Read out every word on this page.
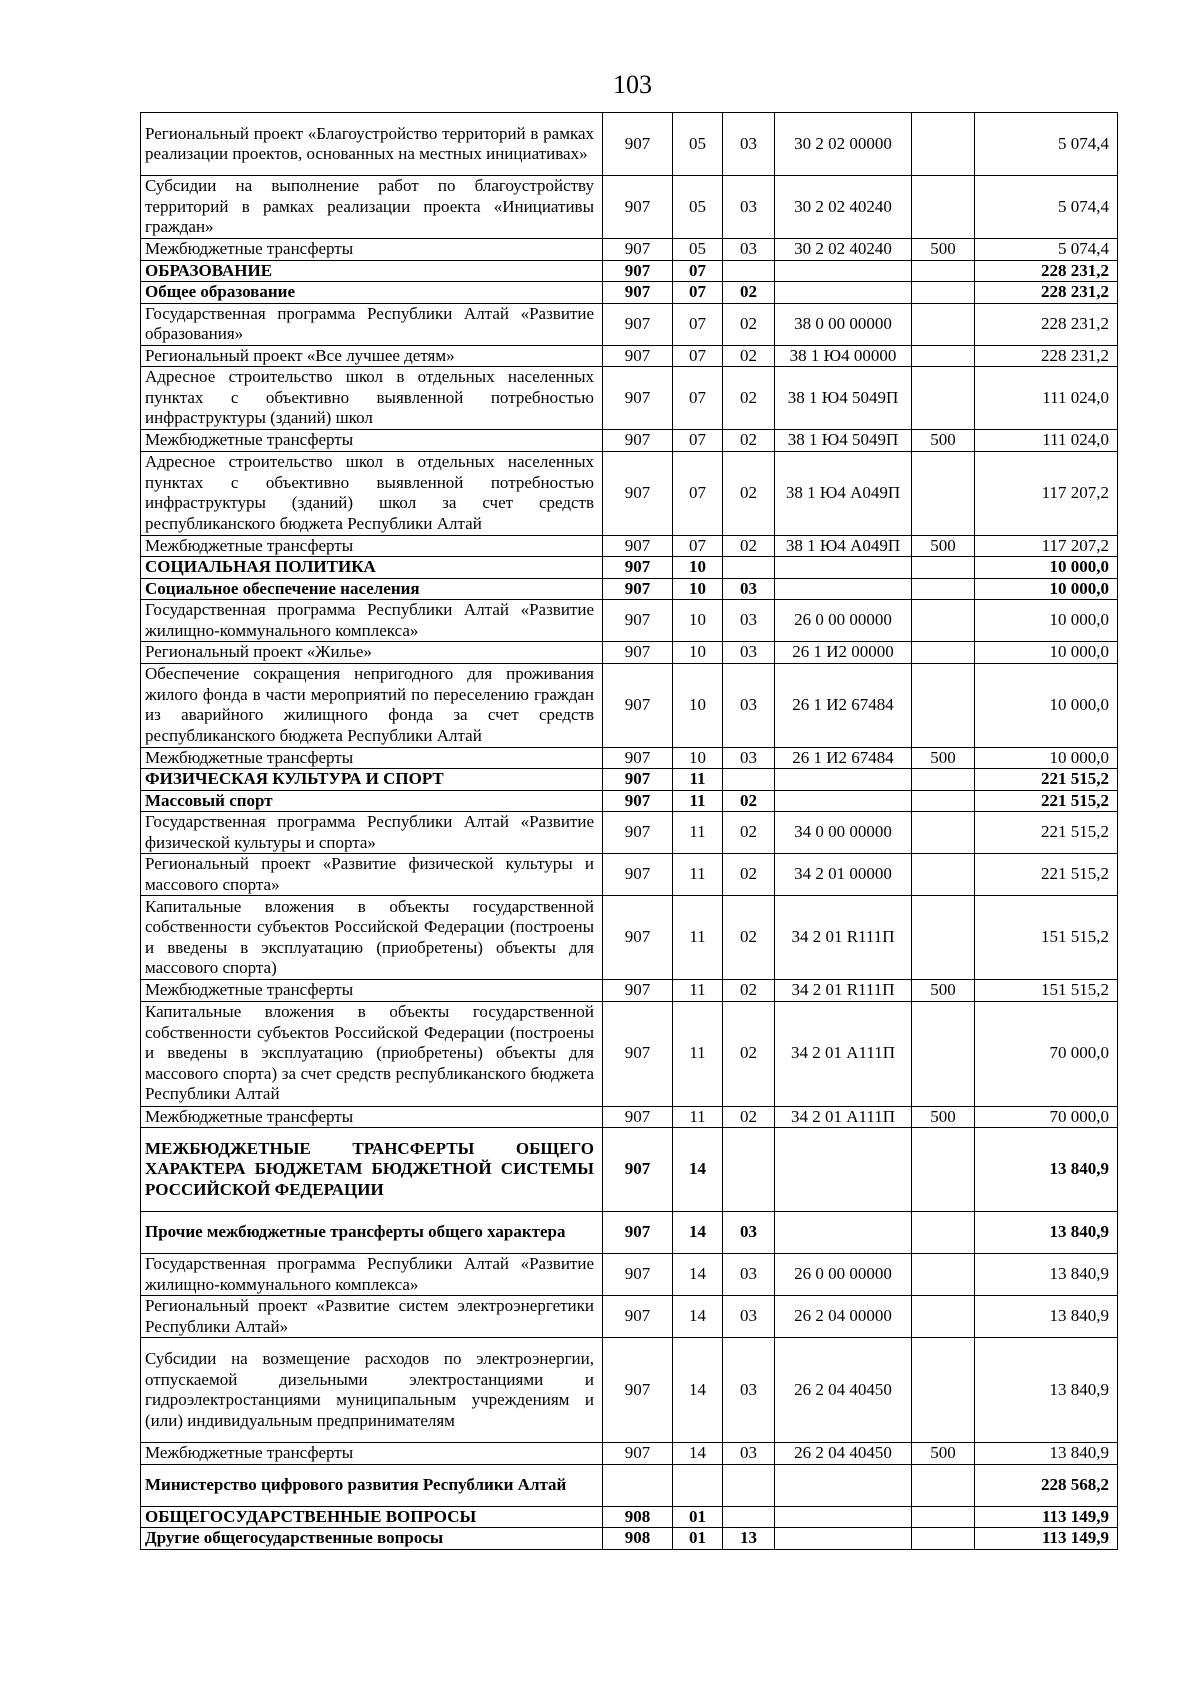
103
Региональный проект «Благоустройство территорий в рамках реализации проектов, основанных на местных инициативах»	907	05	03	30 2 02 00000		5 074,4
Субсидии на выполнение работ по благоустройству территорий в рамках реализации проекта «Инициативы граждан»	907	05	03	30 2 02 40240		5 074,4
Межбюджетные трансферты	907	05	03	30 2 02 40240	500	5 074,4
ОБРАЗОВАНИЕ	907	07				228 231,2
Общее образование	907	07	02			228 231,2
Государственная программа Республики Алтай «Развитие образования»	907	07	02	38 0 00 00000		228 231,2
Региональный проект «Все лучшее детям»	907	07	02	38 1 Ю4 00000		228 231,2
Адресное строительство школ в отдельных населенных пунктах с объективно выявленной потребностью инфраструктуры (зданий) школ	907	07	02	38 1 Ю4 5049П		111 024,0
Межбюджетные трансферты	907	07	02	38 1 Ю4 5049П	500	111 024,0
Адресное строительство школ в отдельных населенных пунктах с объективно выявленной потребностью инфраструктуры (зданий) школ за счет средств республиканского бюджета Республики Алтай	907	07	02	38 1 Ю4 А049П		117 207,2
Межбюджетные трансферты	907	07	02	38 1 Ю4 А049П	500	117 207,2
СОЦИАЛЬНАЯ ПОЛИТИКА	907	10				10 000,0
Социальное обеспечение населения	907	10	03			10 000,0
Государственная программа Республики Алтай «Развитие жилищно-коммунального комплекса»	907	10	03	26 0 00 00000		10 000,0
Региональный проект «Жилье»	907	10	03	26 1 И2 00000		10 000,0
Обеспечение сокращения непригодного для проживания жилого фонда в части мероприятий по переселению граждан из аварийного жилищного фонда за счет средств республиканского бюджета Республики Алтай	907	10	03	26 1 И2 67484		10 000,0
Межбюджетные трансферты	907	10	03	26 1 И2 67484	500	10 000,0
ФИЗИЧЕСКАЯ КУЛЬТУРА И СПОРТ	907	11				221 515,2
Массовый спорт	907	11	02			221 515,2
Государственная программа Республики Алтай «Развитие физической культуры и спорта»	907	11	02	34 0 00 00000		221 515,2
Региональный проект «Развитие физической культуры и массового спорта»	907	11	02	34 2 01 00000		221 515,2
Капитальные вложения в объекты государственной собственности субъектов Российской Федерации (построены и введены в эксплуатацию (приобретены) объекты для массового спорта)	907	11	02	34 2 01 R111П		151 515,2
Межбюджетные трансферты	907	11	02	34 2 01 R111П	500	151 515,2
Капитальные вложения в объекты государственной собственности субъектов Российской Федерации (построены и введены в эксплуатацию (приобретены) объекты для массового спорта) за счет средств республиканского бюджета Республики Алтай	907	11	02	34 2 01 А111П		70 000,0
Межбюджетные трансферты	907	11	02	34 2 01 А111П	500	70 000,0
МЕЖБЮДЖЕТНЫЕ ТРАНСФЕРТЫ ОБЩЕГО ХАРАКТЕРА БЮДЖЕТАМ БЮДЖЕТНОЙ СИСТЕМЫ РОССИЙСКОЙ ФЕДЕРАЦИИ	907	14				13 840,9
Прочие межбюджетные трансферты общего характера	907	14	03			13 840,9
Государственная программа Республики Алтай «Развитие жилищно-коммунального комплекса»	907	14	03	26 0 00 00000		13 840,9
Региональный проект «Развитие систем электроэнергетики Республики Алтай»	907	14	03	26 2 04 00000		13 840,9
Субсидии на возмещение расходов по электроэнергии, отпускаемой дизельными электростанциями и гидроэлектростанциями муниципальным учреждениям и (или) индивидуальным предпринимателям	907	14	03	26 2 04 40450		13 840,9
Межбюджетные трансферты	907	14	03	26 2 04 40450	500	13 840,9
Министерство цифрового развития Республики Алтай						228 568,2
ОБЩЕГОСУДАРСТВЕННЫЕ ВОПРОСЫ	908	01				113 149,9
Другие общегосударственные вопросы	908	01	13			113 149,9
